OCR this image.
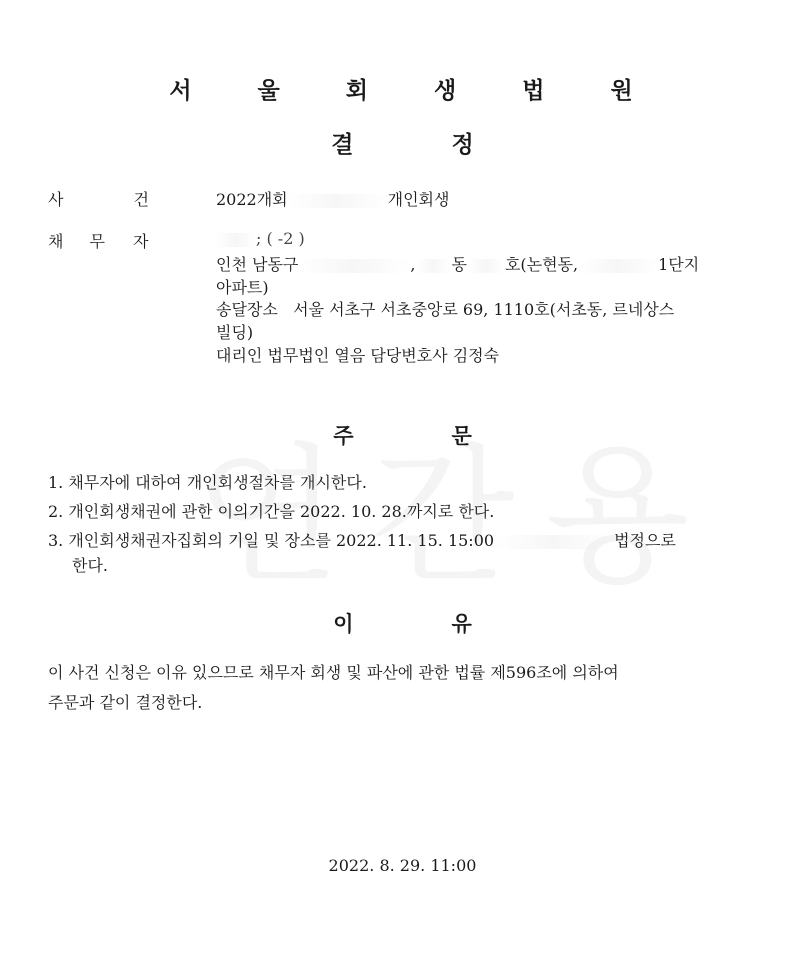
서 울 회 생 법 원
결	정
사	건	2022개회	개인회생
채 무 자	; ( -2 )
인천 남동구	, 동 호(논현동,	1단지
아파트)
송달장소 서울 서초구 서초중앙로 69, 1110호(서초동, 르네상스
빌딩)
대리인 법무법인 열음 담당변호사 김정숙
주	문
1. 채무자에 대하여 개인회생절차를 개시한다.
2. 개인회생채권에 관한 이의기간을 2022. 10. 28.까지로 한다.
3. 개인회생채권자집회의 기일 및 장소를 2022. 11. 15. 15:00	법정으로
한다.
이	유
이 사건 신청은 이유 있으므로 채무자 회생 및 파산에 관한 법률 제596조에 의하여
주문과 같이 결정한다.
2022. 8. 29. 11:00
